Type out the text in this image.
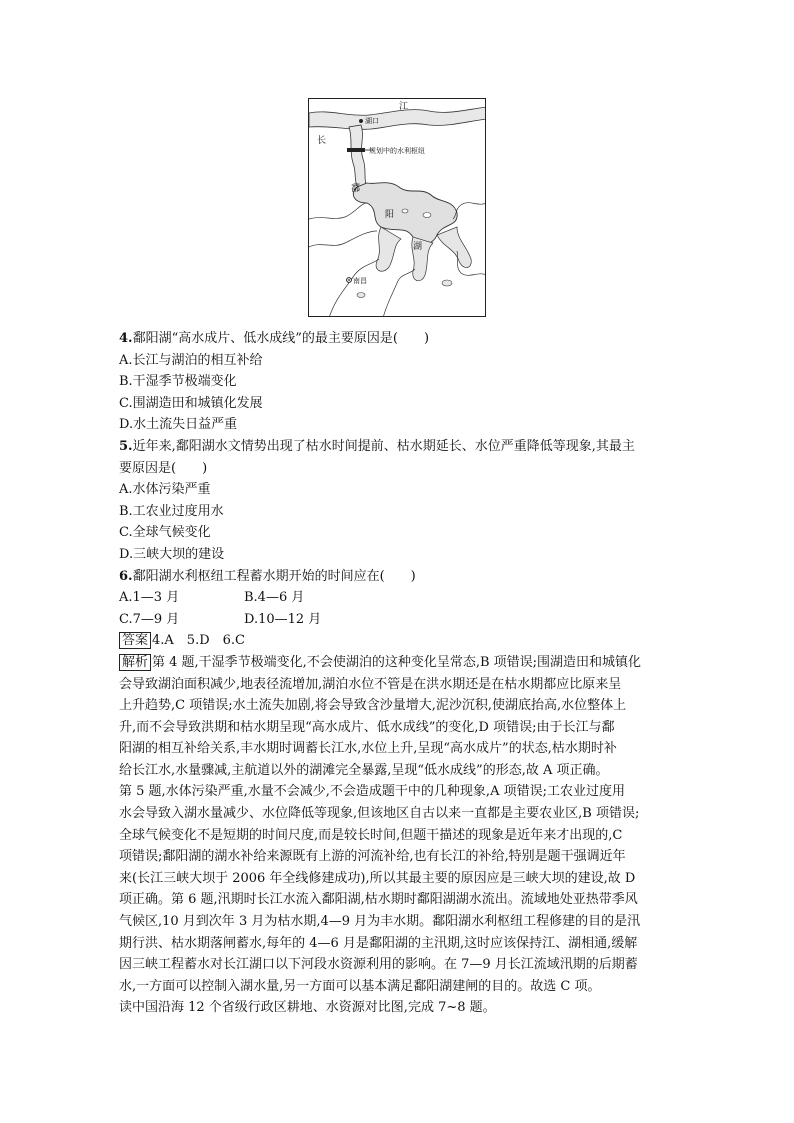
江
长
湖口
规划中的水利枢纽
鄱
阳
湖
南昌
4.鄱阳湖“高水成片、低水成线”的最主要原因是(　　)
A.长江与湖泊的相互补给
B.干湿季节极端变化
C.围湖造田和城镇化发展
D.水土流失日益严重
5.近年来,鄱阳湖水文情势出现了枯水时间提前、枯水期延长、水位严重降低等现象,其最主
要原因是(　　)
A.水体污染严重
B.工农业过度用水
C.全球气候变化
D.三峡大坝的建设
6.鄱阳湖水利枢纽工程蓄水期开始的时间应在(　　)
A.1—3 月	B.4—6 月
C.7—9 月	D.10—12 月
答案 4.A　5.D　6.C
解析 第 4 题,干湿季节极端变化,不会使湖泊的这种变化呈常态,B 项错误;围湖造田和城镇化
会导致湖泊面积减少,地表径流增加,湖泊水位不管是在洪水期还是在枯水期都应比原来呈
上升趋势,C 项错误;水土流失加剧,将会导致含沙量增大,泥沙沉积,使湖底抬高,水位整体上
升,而不会导致洪期和枯水期呈现“高水成片、低水成线”的变化,D 项错误;由于长江与鄱
阳湖的相互补给关系,丰水期时调蓄长江水,水位上升,呈现“高水成片”的状态,枯水期时补
给长江水,水量骤减,主航道以外的湖滩完全暴露,呈现“低水成线”的形态,故 A 项正确。
第 5 题,水体污染严重,水量不会减少,不会造成题干中的几种现象,A 项错误;工农业过度用
水会导致入湖水量减少、水位降低等现象,但该地区自古以来一直都是主要农业区,B 项错误;
全球气候变化不是短期的时间尺度,而是较长时间,但题干描述的现象是近年来才出现的,C
项错误;鄱阳湖的湖水补给来源既有上游的河流补给,也有长江的补给,特别是题干强调近年
来(长江三峡大坝于 2006 年全线修建成功),所以其最主要的原因应是三峡大坝的建设,故 D
项正确。第 6 题,汛期时长江水流入鄱阳湖,枯水期时鄱阳湖湖水流出。流域地处亚热带季风
气候区,10 月到次年 3 月为枯水期,4—9 月为丰水期。鄱阳湖水利枢纽工程修建的目的是汛
期行洪、枯水期落闸蓄水,每年的 4—6 月是鄱阳湖的主汛期,这时应该保持江、湖相通,缓解
因三峡工程蓄水对长江湖口以下河段水资源利用的影响。在 7—9 月长江流域汛期的后期蓄
水,一方面可以控制入湖水量,另一方面可以基本满足鄱阳湖建闸的目的。故选 C 项。
读中国沿海 12 个省级行政区耕地、水资源对比图,完成 7~8 题。
